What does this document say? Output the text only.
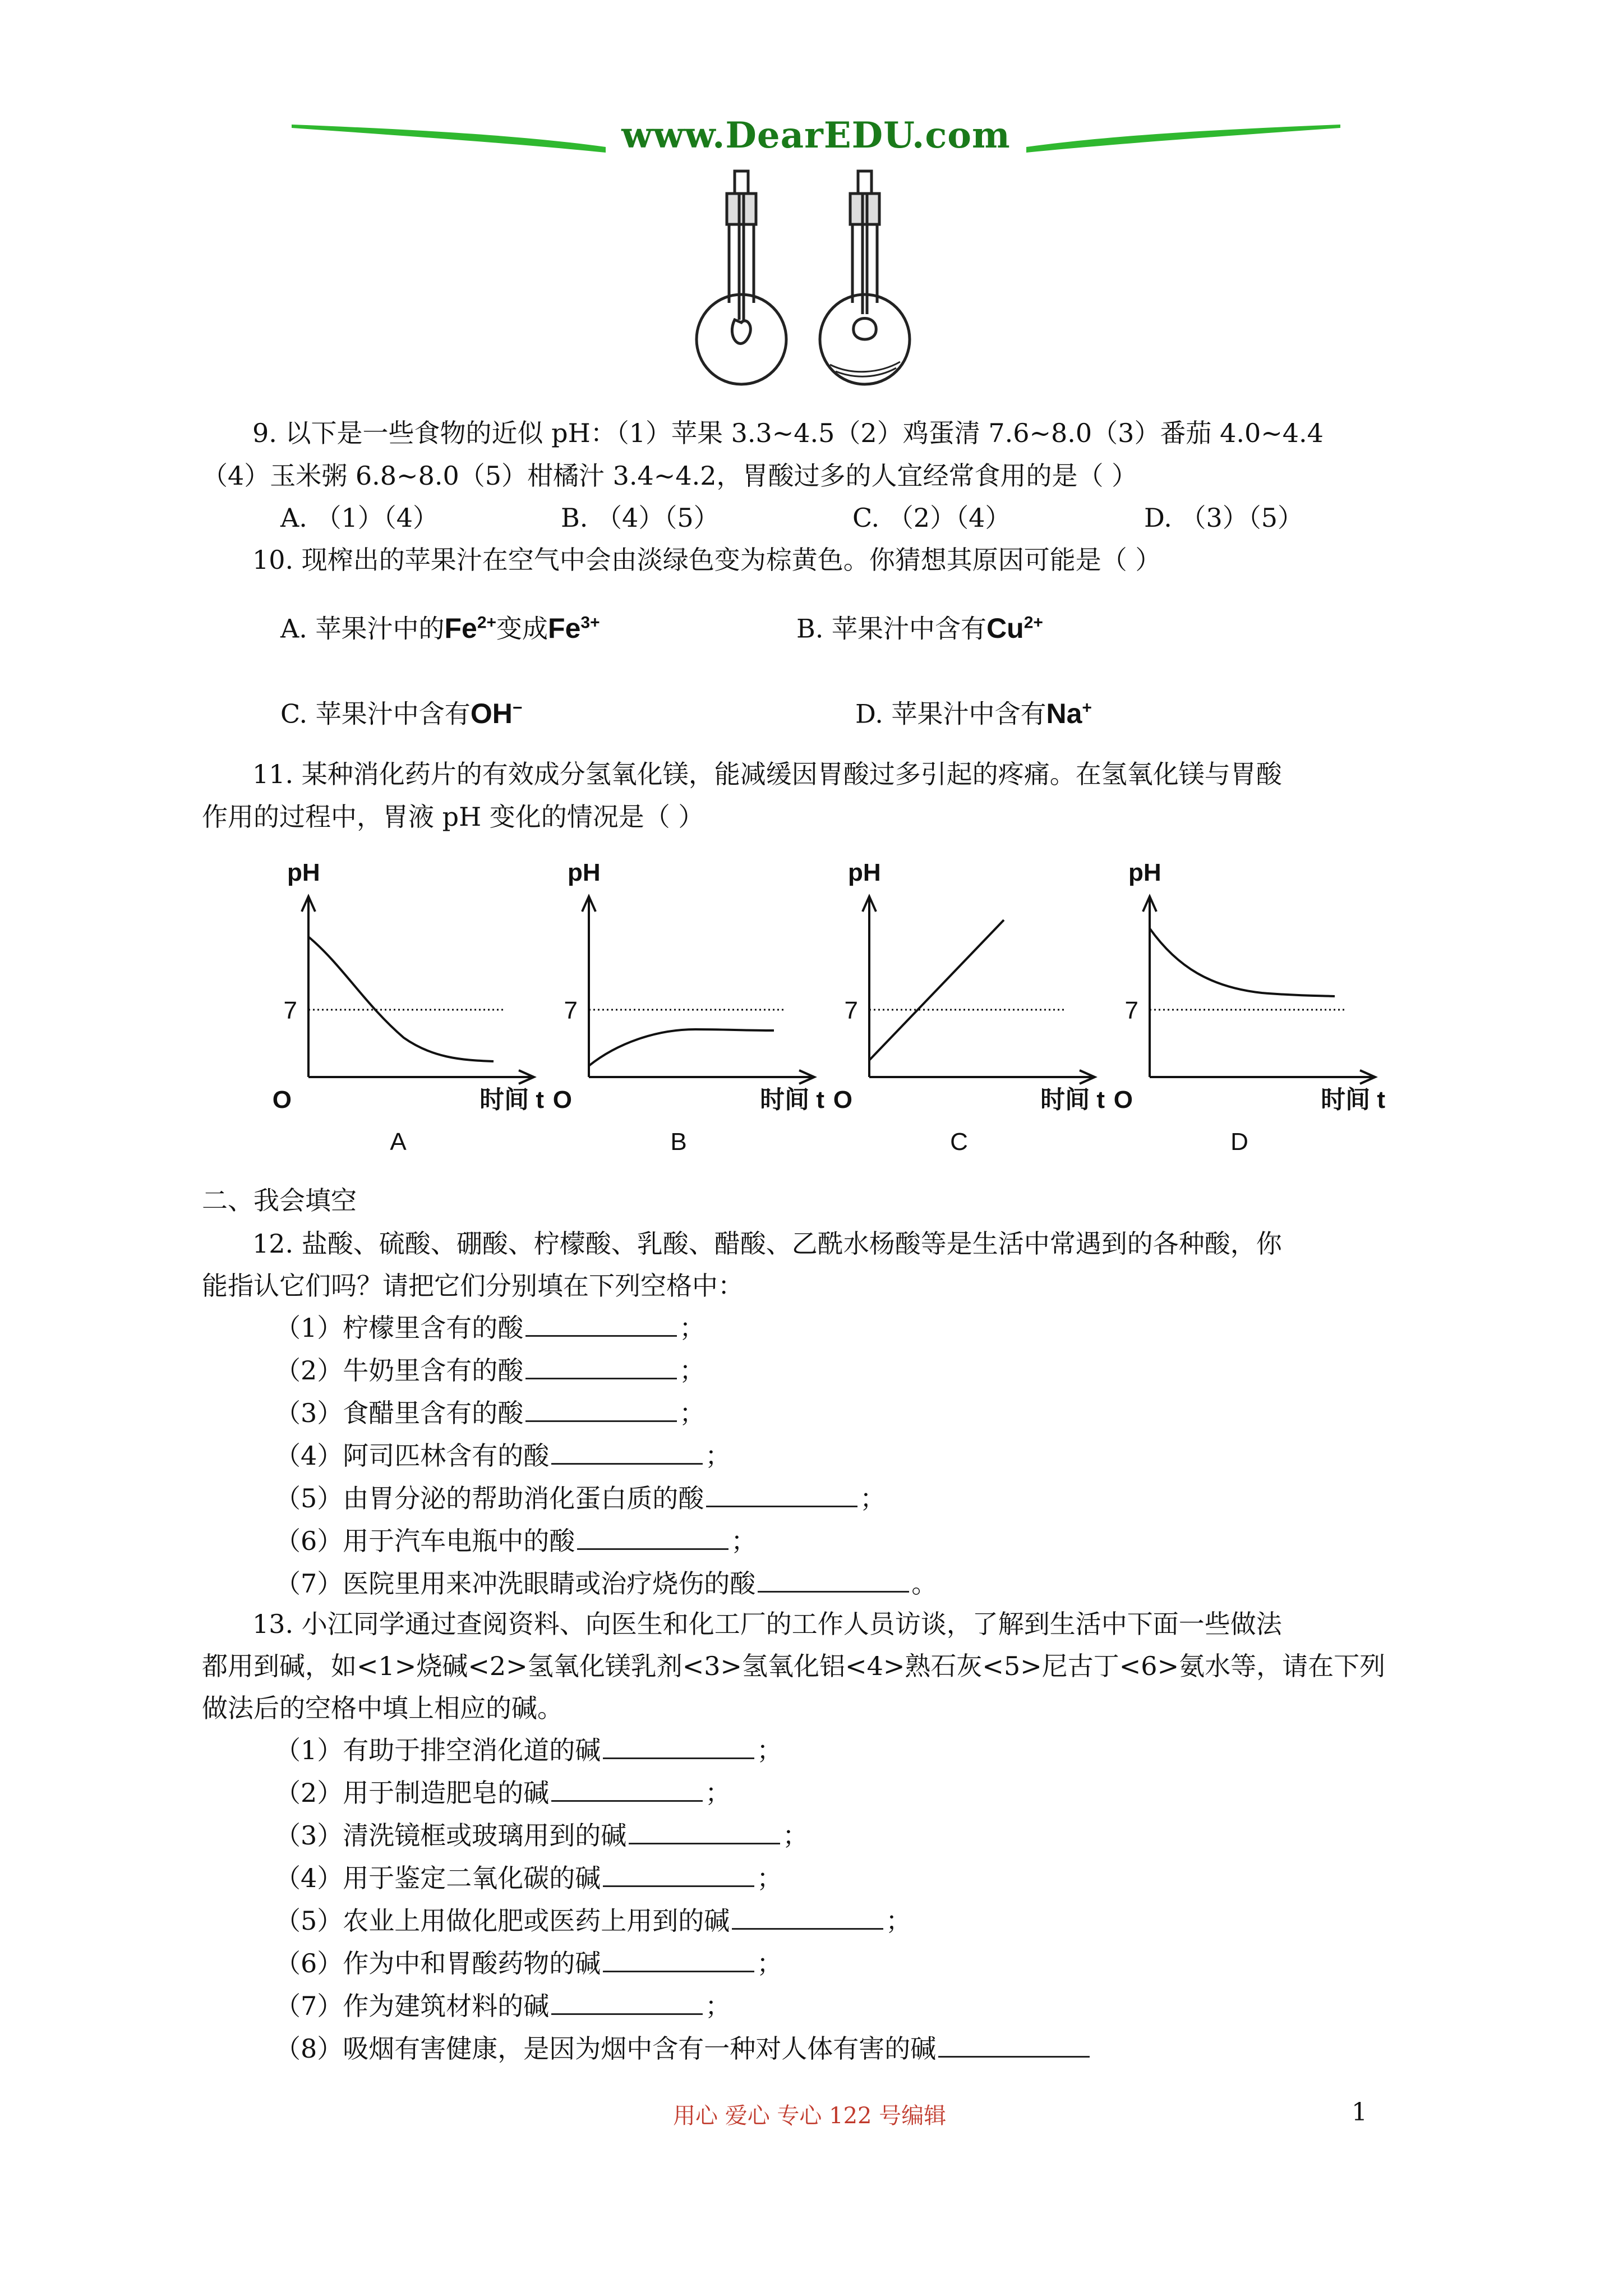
www.DearEDU.com
9. 以下是一些食物的近似 pH：（1）苹果 3.3~4.5（2）鸡蛋清 7.6~8.0（3）番茄 4.0~4.4
（4）玉米粥 6.8~8.0（5）柑橘汁 3.4~4.2，胃酸过多的人宜经常食用的是（ ）
A. （1）（4）	B. （4）（5）	C. （2）（4）	D. （3）（5）
10. 现榨出的苹果汁在空气中会由淡绿色变为棕黄色。你猜想其原因可能是（ ）
A. 苹果汁中的$Fe^{2+}$变成$Fe^{3+}$	B. 苹果汁中含有$Cu^{2+}$
C. 苹果汁中含有OH−	D. 苹果汁中含有Na+
11. 某种消化药片的有效成分氢氧化镁，能减缓因胃酸过多引起的疼痛。在氢氧化镁与胃酸
作用的过程中，胃液 pH 变化的情况是（ ）
pH
7
O	时间 t
A
pH
7
O	时间 t
B
pH
7
O	时间 t
C
pH
7
O	时间 t
D
二、我会填空
12. 盐酸、硫酸、硼酸、柠檬酸、乳酸、醋酸、乙酰水杨酸等是生活中常遇到的各种酸，你
能指认它们吗？请把它们分别填在下列空格中：
（1）柠檬里含有的酸	；
（2）牛奶里含有的酸	；
（3）食醋里含有的酸	；
（4）阿司匹林含有的酸	；
（5）由胃分泌的帮助消化蛋白质的酸	；
（6）用于汽车电瓶中的酸	；
（7）医院里用来冲洗眼睛或治疗烧伤的酸	。
13. 小江同学通过查阅资料、向医生和化工厂的工作人员访谈，了解到生活中下面一些做法
都用到碱，如<1>烧碱<2>氢氧化镁乳剂<3>氢氧化铝<4>熟石灰<5>尼古丁<6>氨水等，请在下列
做法后的空格中填上相应的碱。
（1）有助于排空消化道的碱	；
（2）用于制造肥皂的碱	；
（3）清洗镜框或玻璃用到的碱	；
（4）用于鉴定二氧化碳的碱	；
（5）农业上用做化肥或医药上用到的碱	；
（6）作为中和胃酸药物的碱	；
（7）作为建筑材料的碱	；
（8）吸烟有害健康，是因为烟中含有一种对人体有害的碱
用心 爱心 专心 122 号编辑	1
